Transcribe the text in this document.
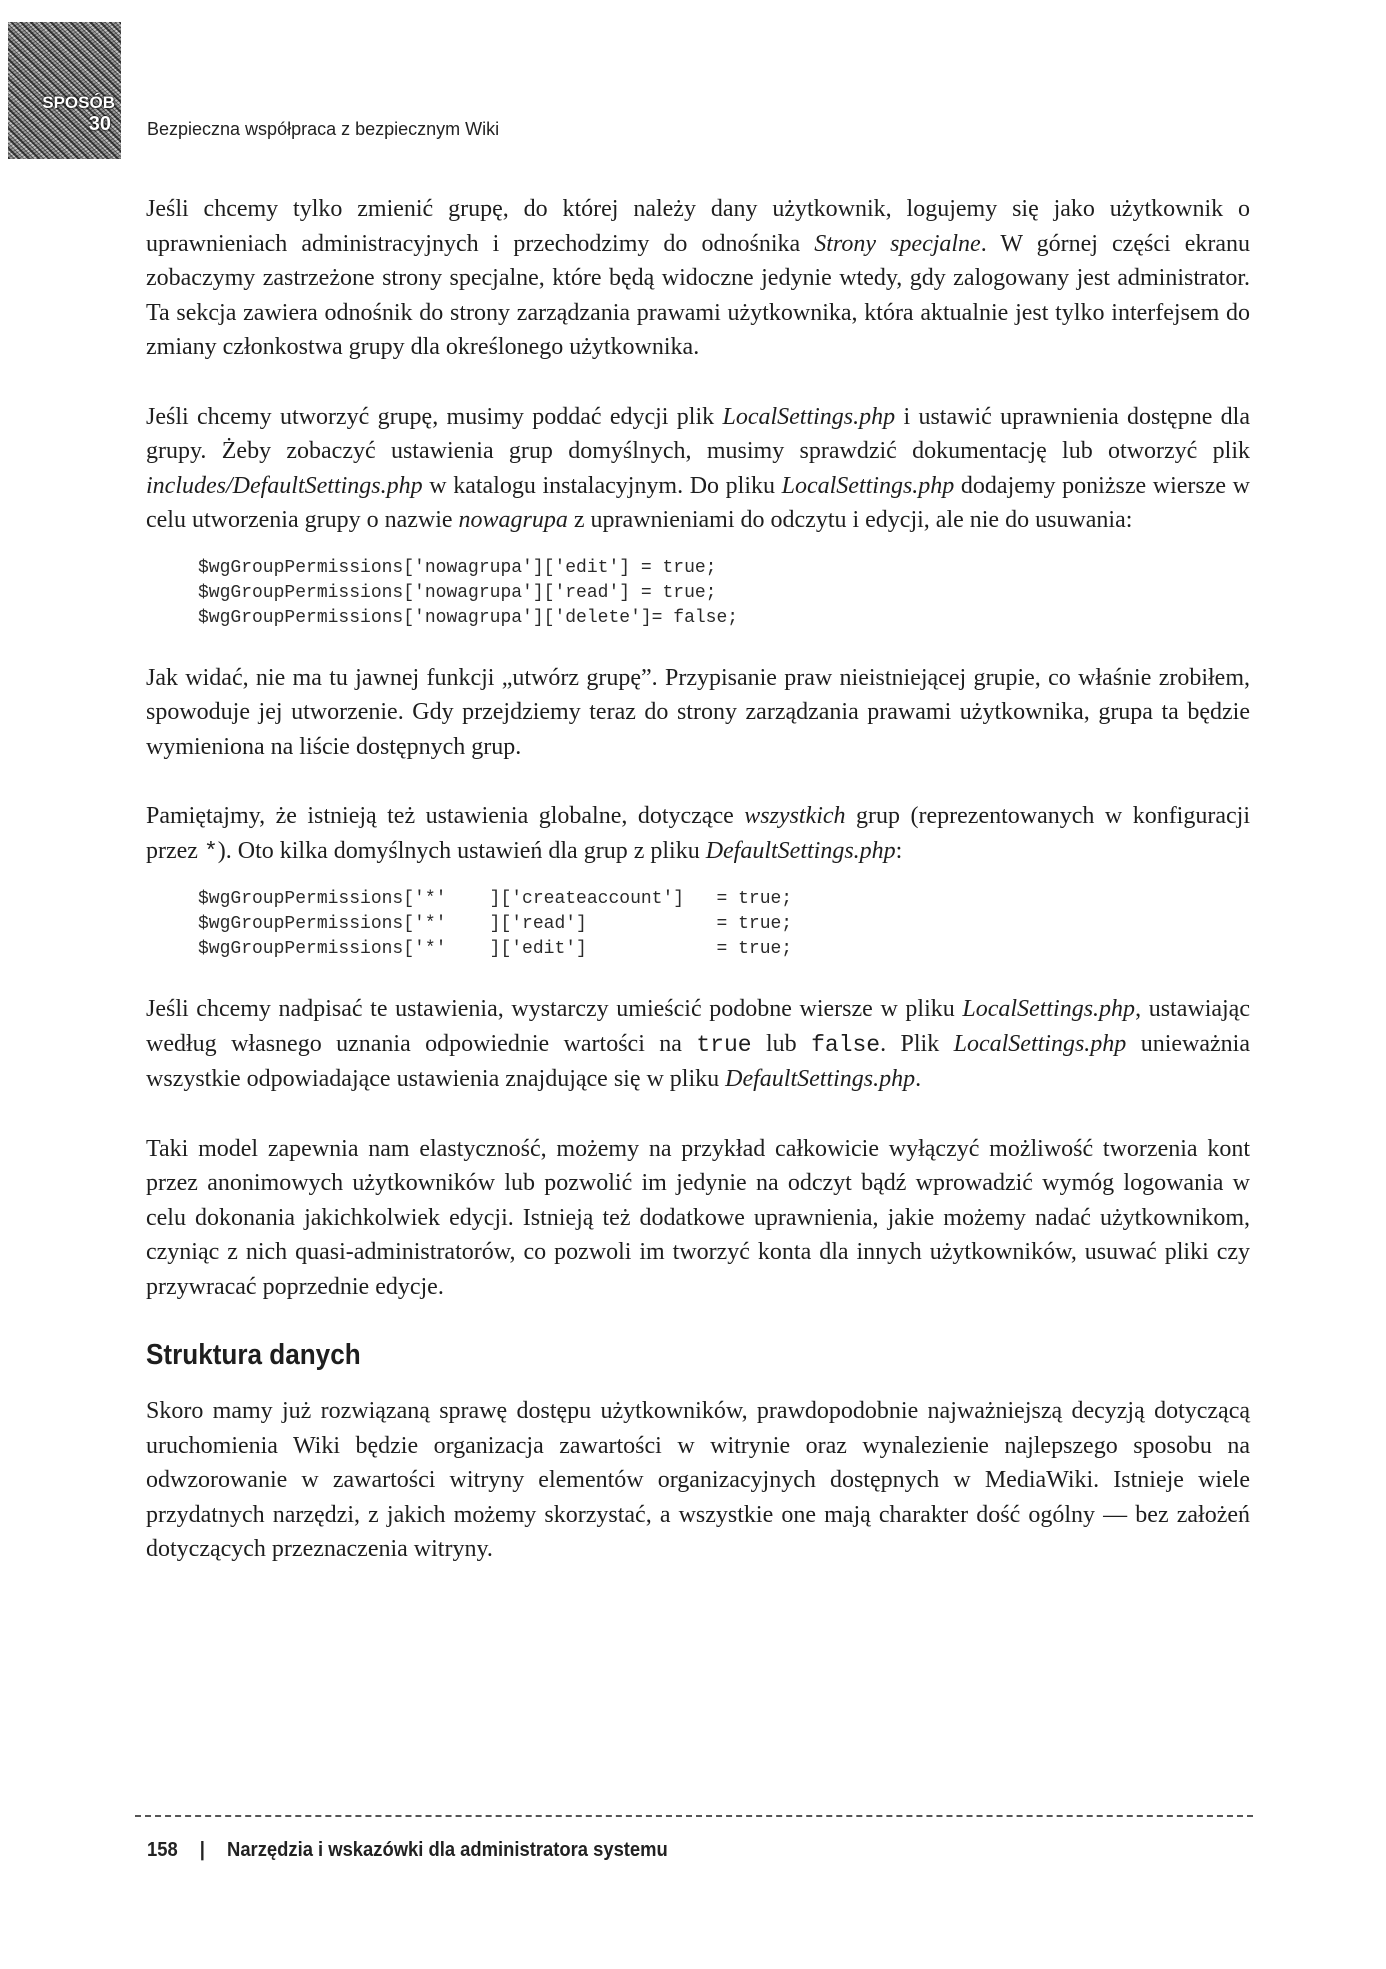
SPOSÓB
30 Bezpieczna współpraca z bezpiecznym Wiki

Jeśli chcemy tylko zmienić grupę, do której należy dany użytkownik, logujemy się jako użytkownik o uprawnieniach administracyjnych i przechodzimy do odnośnika Strony specjalne. W górnej części ekranu zobaczymy zastrzeżone strony specjalne, które będą widoczne jedynie wtedy, gdy zalogowany jest administrator. Ta sekcja zawiera odnośnik do strony zarządzania prawami użytkownika, która aktualnie jest tylko interfejsem do zmiany członkostwa grupy dla określonego użytkownika.

Jeśli chcemy utworzyć grupę, musimy poddać edycji plik LocalSettings.php i ustawić uprawnienia dostępne dla grupy. Żeby zobaczyć ustawienia grup domyślnych, musimy sprawdzić dokumentację lub otworzyć plik includes/DefaultSettings.php w katalogu instalacyjnym. Do pliku LocalSettings.php dodajemy poniższe wiersze w celu utworzenia grupy o nazwie nowagrupa z uprawnieniami do odczytu i edycji, ale nie do usuwania:

$wgGroupPermissions['nowagrupa']['edit'] = true;
$wgGroupPermissions['nowagrupa']['read'] = true;
$wgGroupPermissions['nowagrupa']['delete']= false;

Jak widać, nie ma tu jawnej funkcji „utwórz grupę”. Przypisanie praw nieistniejącej grupie, co właśnie zrobiłem, spowoduje jej utworzenie. Gdy przejdziemy teraz do strony zarządzania prawami użytkownika, grupa ta będzie wymieniona na liście dostępnych grup.

Pamiętajmy, że istnieją też ustawienia globalne, dotyczące wszystkich grup (reprezentowanych w konfiguracji przez *). Oto kilka domyślnych ustawień dla grup z pliku DefaultSettings.php:

$wgGroupPermissions['*'    ]['createaccount']   = true;
$wgGroupPermissions['*'    ]['read']            = true;
$wgGroupPermissions['*'    ]['edit']            = true;

Jeśli chcemy nadpisać te ustawienia, wystarczy umieścić podobne wiersze w pliku LocalSettings.php, ustawiając według własnego uznania odpowiednie wartości na true lub false. Plik LocalSettings.php unieważnia wszystkie odpowiadające ustawienia znajdujące się w pliku DefaultSettings.php.

Taki model zapewnia nam elastyczność, możemy na przykład całkowicie wyłączyć możliwość tworzenia kont przez anonimowych użytkowników lub pozwolić im jedynie na odczyt bądź wprowadzić wymóg logowania w celu dokonania jakichkolwiek edycji. Istnieją też dodatkowe uprawnienia, jakie możemy nadać użytkownikom, czyniąc z nich quasi-administratorów, co pozwoli im tworzyć konta dla innych użytkowników, usuwać pliki czy przywracać poprzednie edycje.

Struktura danych

Skoro mamy już rozwiązaną sprawę dostępu użytkowników, prawdopodobnie najważniejszą decyzją dotyczącą uruchomienia Wiki będzie organizacja zawartości w witrynie oraz wynalezienie najlepszego sposobu na odwzorowanie w zawartości witryny elementów organizacyjnych dostępnych w MediaWiki. Istnieje wiele przydatnych narzędzi, z jakich możemy skorzystać, a wszystkie one mają charakter dość ogólny — bez założeń dotyczących przeznaczenia witryny.

158 | Narzędzia i wskazówki dla administratora systemu
